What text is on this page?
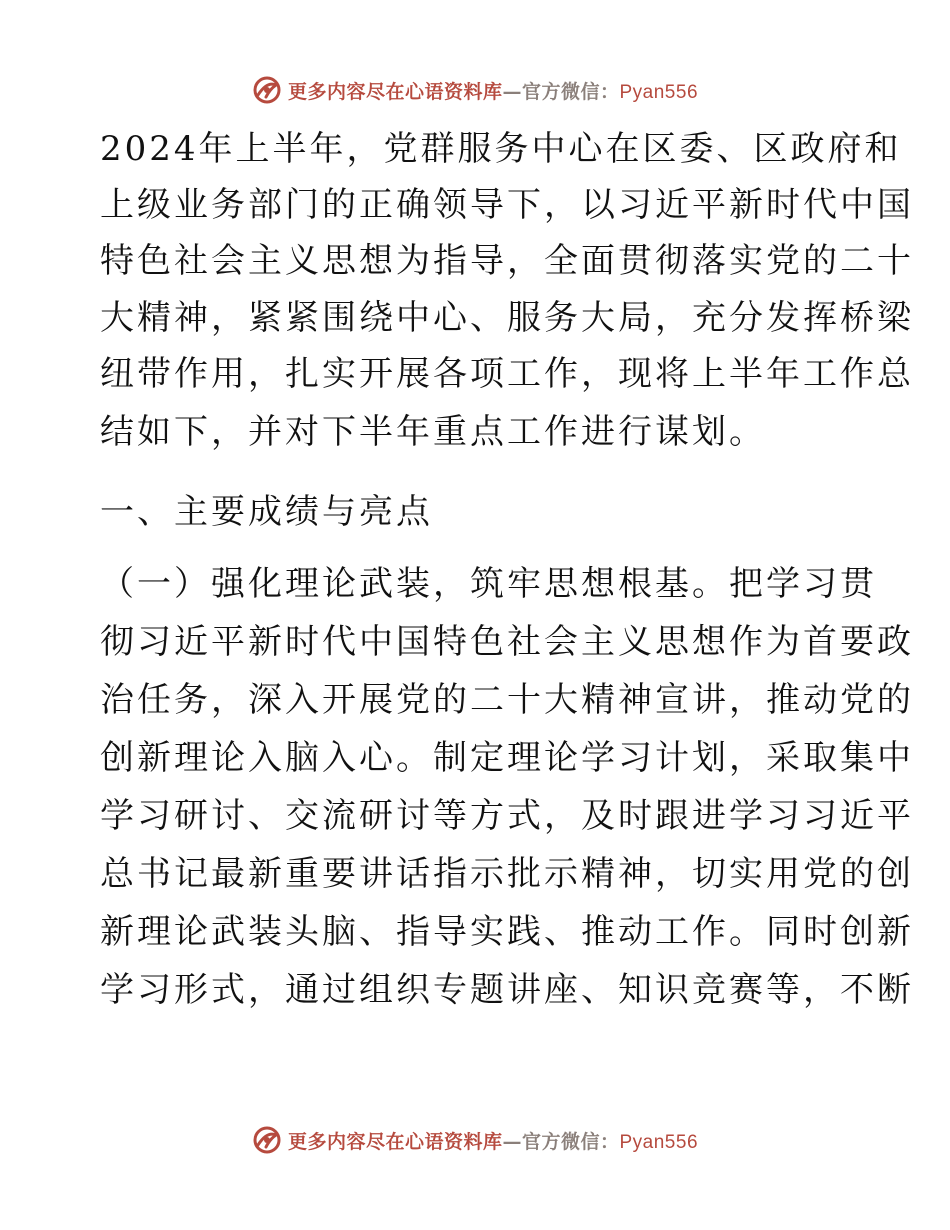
更多内容尽在心语资料库—官方微信：Pyan556
2024年上半年，党群服务中心在区委、区政府和
上级业务部门的正确领导下，以习近平新时代中国
特色社会主义思想为指导，全面贯彻落实党的二十
大精神，紧紧围绕中心、服务大局，充分发挥桥梁
纽带作用，扎实开展各项工作，现将上半年工作总
结如下，并对下半年重点工作进行谋划。
一、主要成绩与亮点
（一）强化理论武装，筑牢思想根基。把学习贯
彻习近平新时代中国特色社会主义思想作为首要政
治任务，深入开展党的二十大精神宣讲，推动党的
创新理论入脑入心。制定理论学习计划，采取集中
学习研讨、交流研讨等方式，及时跟进学习习近平
总书记最新重要讲话指示批示精神，切实用党的创
新理论武装头脑、指导实践、推动工作。同时创新
学习形式，通过组织专题讲座、知识竞赛等，不断
更多内容尽在心语资料库—官方微信：Pyan556
